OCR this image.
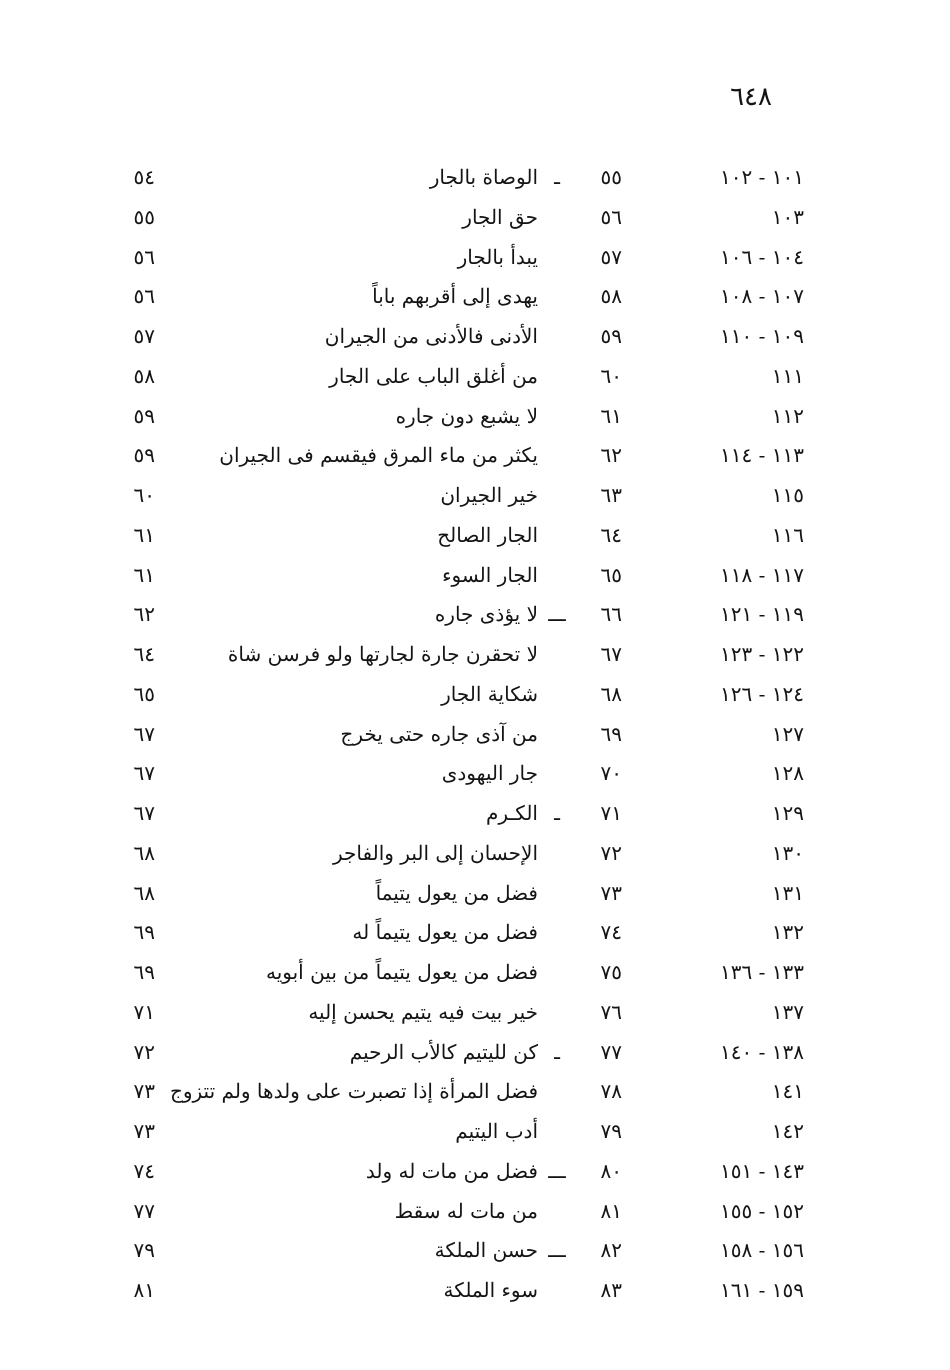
٦٤٨
١٠١ - ١٠٢
٥٥
ـ
الوصاة بالجار
٥٤
١٠٣
٥٦
حق الجار
٥٥
١٠٤ - ١٠٦
٥٧
يبدأ بالجار
٥٦
١٠٧ - ١٠٨
٥٨
يهدى إلى أقربهم باباً
٥٦
١٠٩ - ١١٠
٥٩
الأدنى فالأدنى من الجيران
٥٧
١١١
٦٠
من أغلق الباب على الجار
٥٨
١١٢
٦١
لا يشبع دون جاره
٥٩
١١٣ - ١١٤
٦٢
يكثر من ماء المرق فيقسم فى الجيران
٥٩
١١٥
٦٣
خير الجيران
٦٠
١١٦
٦٤
الجار الصالح
٦١
١١٧ - ١١٨
٦٥
الجار السوء
٦١
١١٩ - ١٢١
٦٦
ـــ
لا يؤذى جاره
٦٢
١٢٢ - ١٢٣
٦٧
لا تحقرن جارة لجارتها ولو فرسن شاة
٦٤
١٢٤ - ١٢٦
٦٨
شكاية الجار
٦٥
١٢٧
٦٩
من آذى جاره حتى يخرج
٦٧
١٢٨
٧٠
جار اليهودى
٦٧
١٢٩
٧١
ـ
الكـرم
٦٧
١٣٠
٧٢
الإحسان إلى البر والفاجر
٦٨
١٣١
٧٣
فضل من يعول يتيماً
٦٨
١٣٢
٧٤
فضل من يعول يتيماً له
٦٩
١٣٣ - ١٣٦
٧٥
فضل من يعول يتيماً من بين أبويه
٦٩
١٣٧
٧٦
خير بيت فيه يتيم يحسن إليه
٧١
١٣٨ - ١٤٠
٧٧
ـ
كن لليتيم كالأب الرحيم
٧٢
١٤١
٧٨
فضل المرأة إذا تصبرت على ولدها ولم تتزوج
٧٣
١٤٢
٧٩
أدب اليتيم
٧٣
١٤٣ - ١٥١
٨٠
ـــ
فضل من مات له ولد
٧٤
١٥٢ - ١٥٥
٨١
من مات له سقط
٧٧
١٥٦ - ١٥٨
٨٢
ـــ
حسن الملكة
٧٩
١٥٩ - ١٦١
٨٣
سوء الملكة
٨١
